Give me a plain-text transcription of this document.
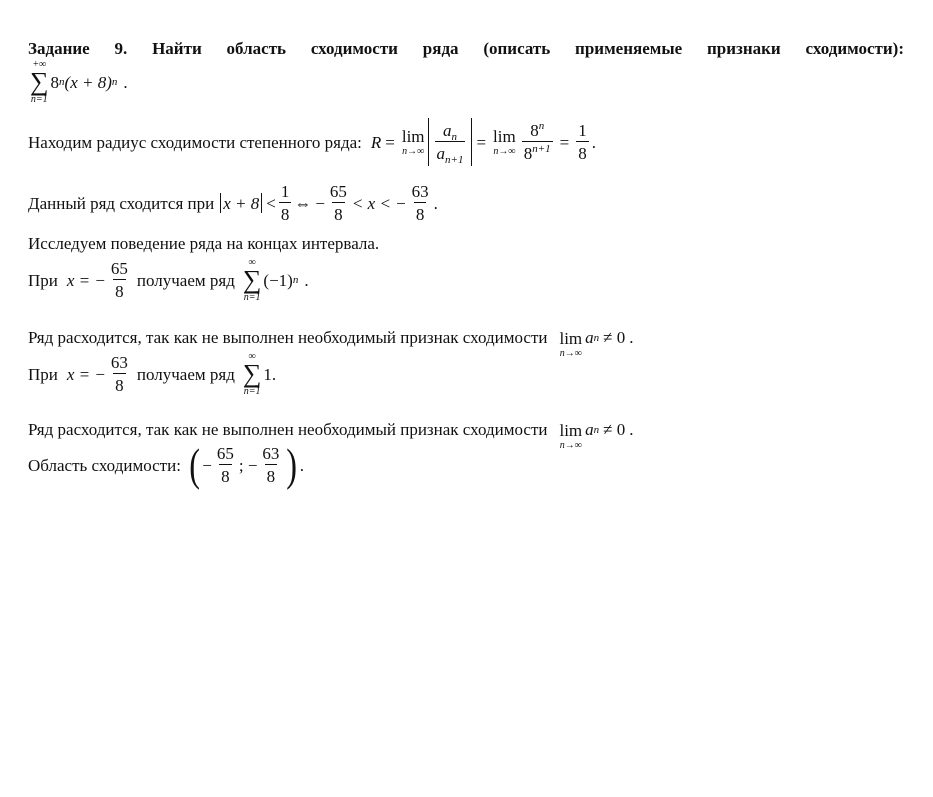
Задание 9. Найти область сходимости ряда (описать применяемые признаки сходимости):
+∞
∑
n=1
8 n (x + 8) n .
Находим радиус сходимости степенного ряда: R = lim
$n\to\infty \frac{a_n}{a_{n+1}} = \lim$
$n\to\infty \frac{8^n}{8^{n+1}} = \frac{1}{8}$ .
Данный ряд сходится при $x + 8 < \frac{1}{8}$ ⇔ − $\frac{65}{8} < x$ < − $\frac{63}{8}$ .
Исследуем поведение ряда на концах интервала.
При x = − $\frac{65}{8}$ получаем ряд
∞
∑
n=1
(−1) n .
Ряд расходится, так как не выполнен необходимый признак сходимости lim
n→∞
a n ≠ 0 .
При x = − $\frac{63}{8}$ получаем ряд
∞
∑
n=1
1 .
Ряд расходится, так как не выполнен необходимый признак сходимости lim
n→∞
a n ≠ 0 .
Область сходимости: ( − $\frac{65}{8}$ ; − $\frac{63}{8}$ ) .
